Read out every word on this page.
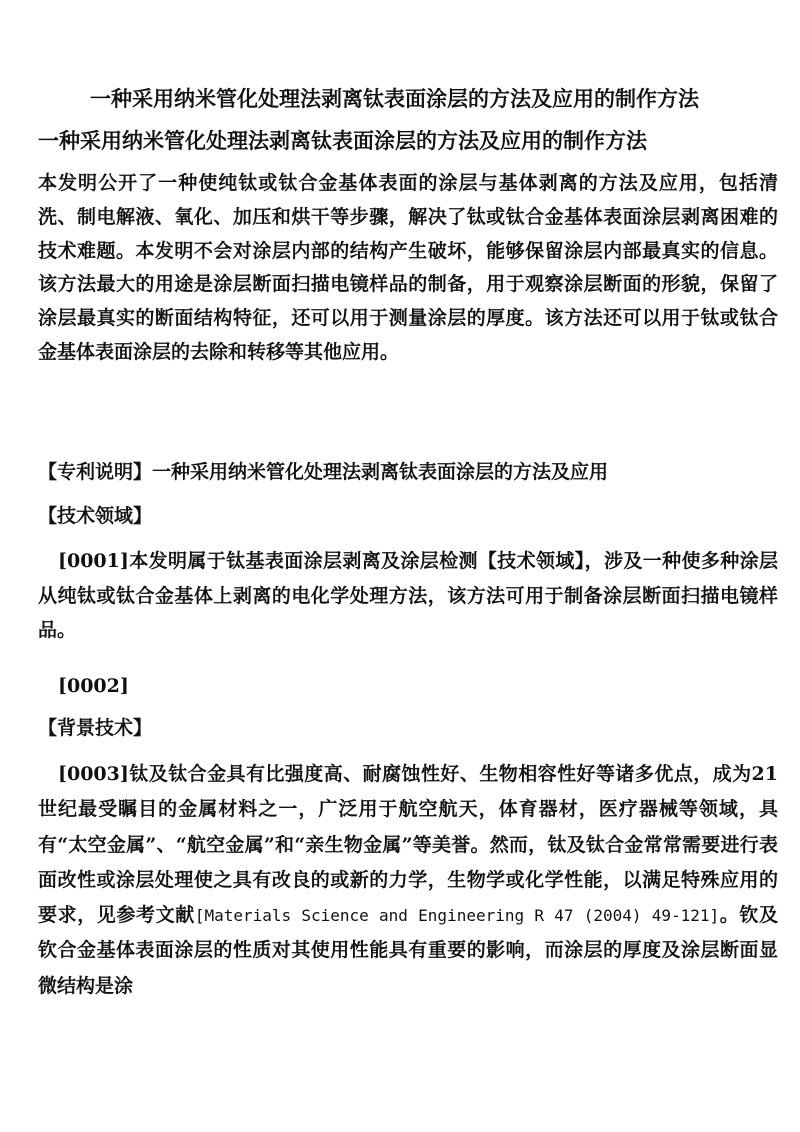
一种采用纳米管化处理法剥离钛表面涂层的方法及应用的制作方法
一种采用纳米管化处理法剥离钛表面涂层的方法及应用的制作方法
本发明公开了一种使纯钛或钛合金基体表面的涂层与基体剥离的方法及应用，包括清洗、制电解液、氧化、加压和烘干等步骤，解决了钛或钛合金基体表面涂层剥离困难的技术难题。本发明不会对涂层内部的结构产生破坏，能够保留涂层内部最真实的信息。该方法最大的用途是涂层断面扫描电镜样品的制备，用于观察涂层断面的形貌，保留了涂层最真实的断面结构特征，还可以用于测量涂层的厚度。该方法还可以用于钛或钛合金基体表面涂层的去除和转移等其他应用。
【专利说明】一种采用纳米管化处理法剥离钛表面涂层的方法及应用
【技术领域】
[0001]本发明属于钛基表面涂层剥离及涂层检测【技术领域】，涉及一种使多种涂层从纯钛或钛合金基体上剥离的电化学处理方法，该方法可用于制备涂层断面扫描电镜样品。
[0002]
【背景技术】
[0003]钛及钛合金具有比强度高、耐腐蚀性好、生物相容性好等诸多优点，成为21世纪最受瞩目的金属材料之一，广泛用于航空航天，体育器材，医疗器械等领域，具有“太空金属”、“航空金属”和“亲生物金属”等美誉。然而，钛及钛合金常常需要进行表面改性或涂层处理使之具有改良的或新的力学，生物学或化学性能，以满足特殊应用的要求，见参考文献[Materials Science and Engineering R 47 (2004) 49-121]。钦及钦合金基体表面涂层的性质对其使用性能具有重要的影响，而涂层的厚度及涂层断面显微结构是涂
